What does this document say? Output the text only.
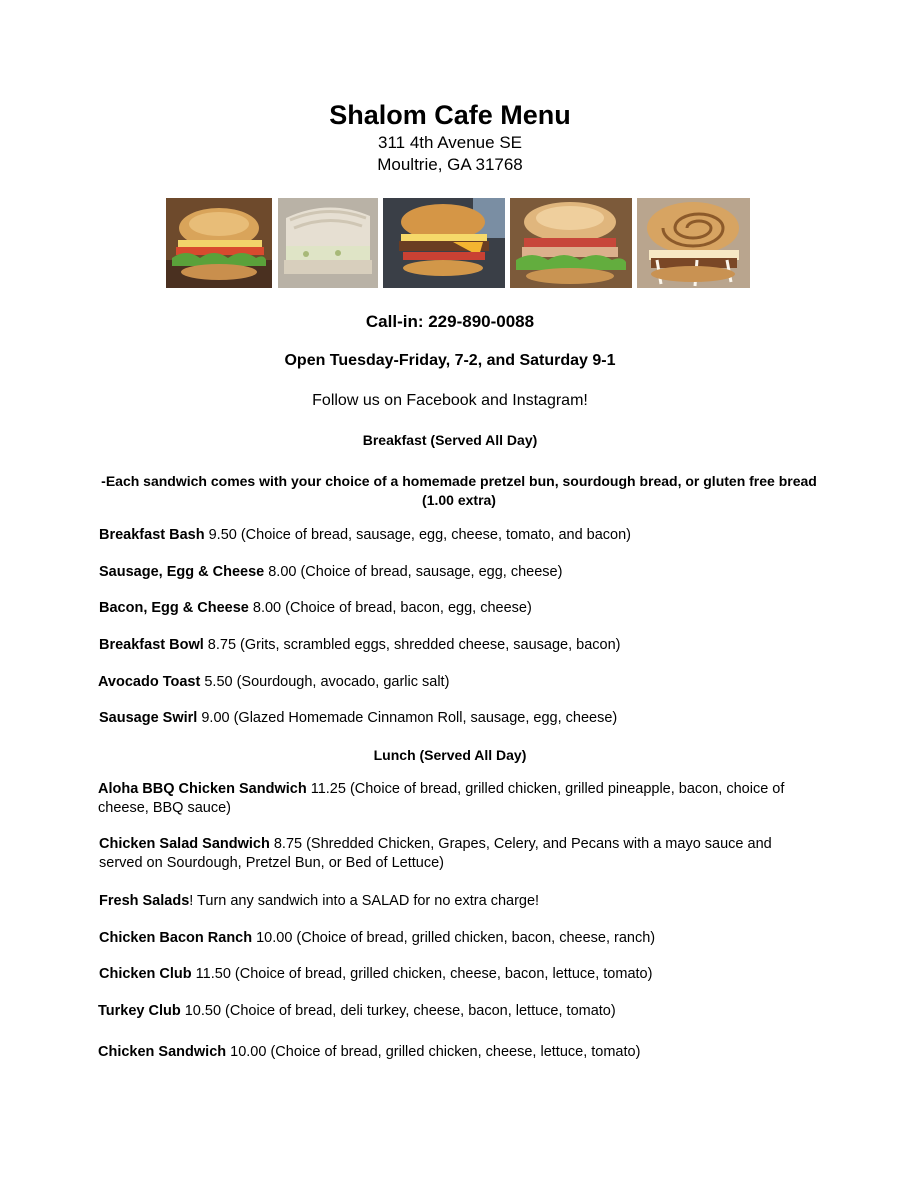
Shalom Cafe Menu
311 4th Avenue SE
Moultrie, GA 31768
Call-in: 229-890-0088
Open Tuesday-Friday, 7-2, and Saturday 9-1
Follow us on Facebook and Instagram!
Breakfast (Served All Day)
-Each sandwich comes with your choice of a homemade pretzel bun, sourdough bread, or gluten free bread (1.00 extra)
Breakfast Bash 9.50 (Choice of bread, sausage, egg, cheese, tomato, and bacon)
Sausage, Egg & Cheese 8.00 (Choice of bread, sausage, egg, cheese)
Bacon, Egg & Cheese 8.00 (Choice of bread, bacon, egg, cheese)
Breakfast Bowl 8.75 (Grits, scrambled eggs, shredded cheese, sausage, bacon)
Avocado Toast 5.50 (Sourdough, avocado, garlic salt)
Sausage Swirl 9.00 (Glazed Homemade Cinnamon Roll, sausage, egg, cheese)
Lunch (Served All Day)
Aloha BBQ Chicken Sandwich 11.25 (Choice of bread, grilled chicken, grilled pineapple, bacon, choice of cheese, BBQ sauce)
Chicken Salad Sandwich 8.75 (Shredded Chicken, Grapes, Celery, and Pecans with a mayo sauce and served on Sourdough, Pretzel Bun, or Bed of Lettuce)
Fresh Salads! Turn any sandwich into a SALAD for no extra charge!
Chicken Bacon Ranch 10.00 (Choice of bread, grilled chicken, bacon, cheese, ranch)
Chicken Club 11.50 (Choice of bread, grilled chicken, cheese, bacon, lettuce, tomato)
Turkey Club 10.50 (Choice of bread, deli turkey, cheese, bacon, lettuce, tomato)
Chicken Sandwich 10.00 (Choice of bread, grilled chicken, cheese, lettuce, tomato)
